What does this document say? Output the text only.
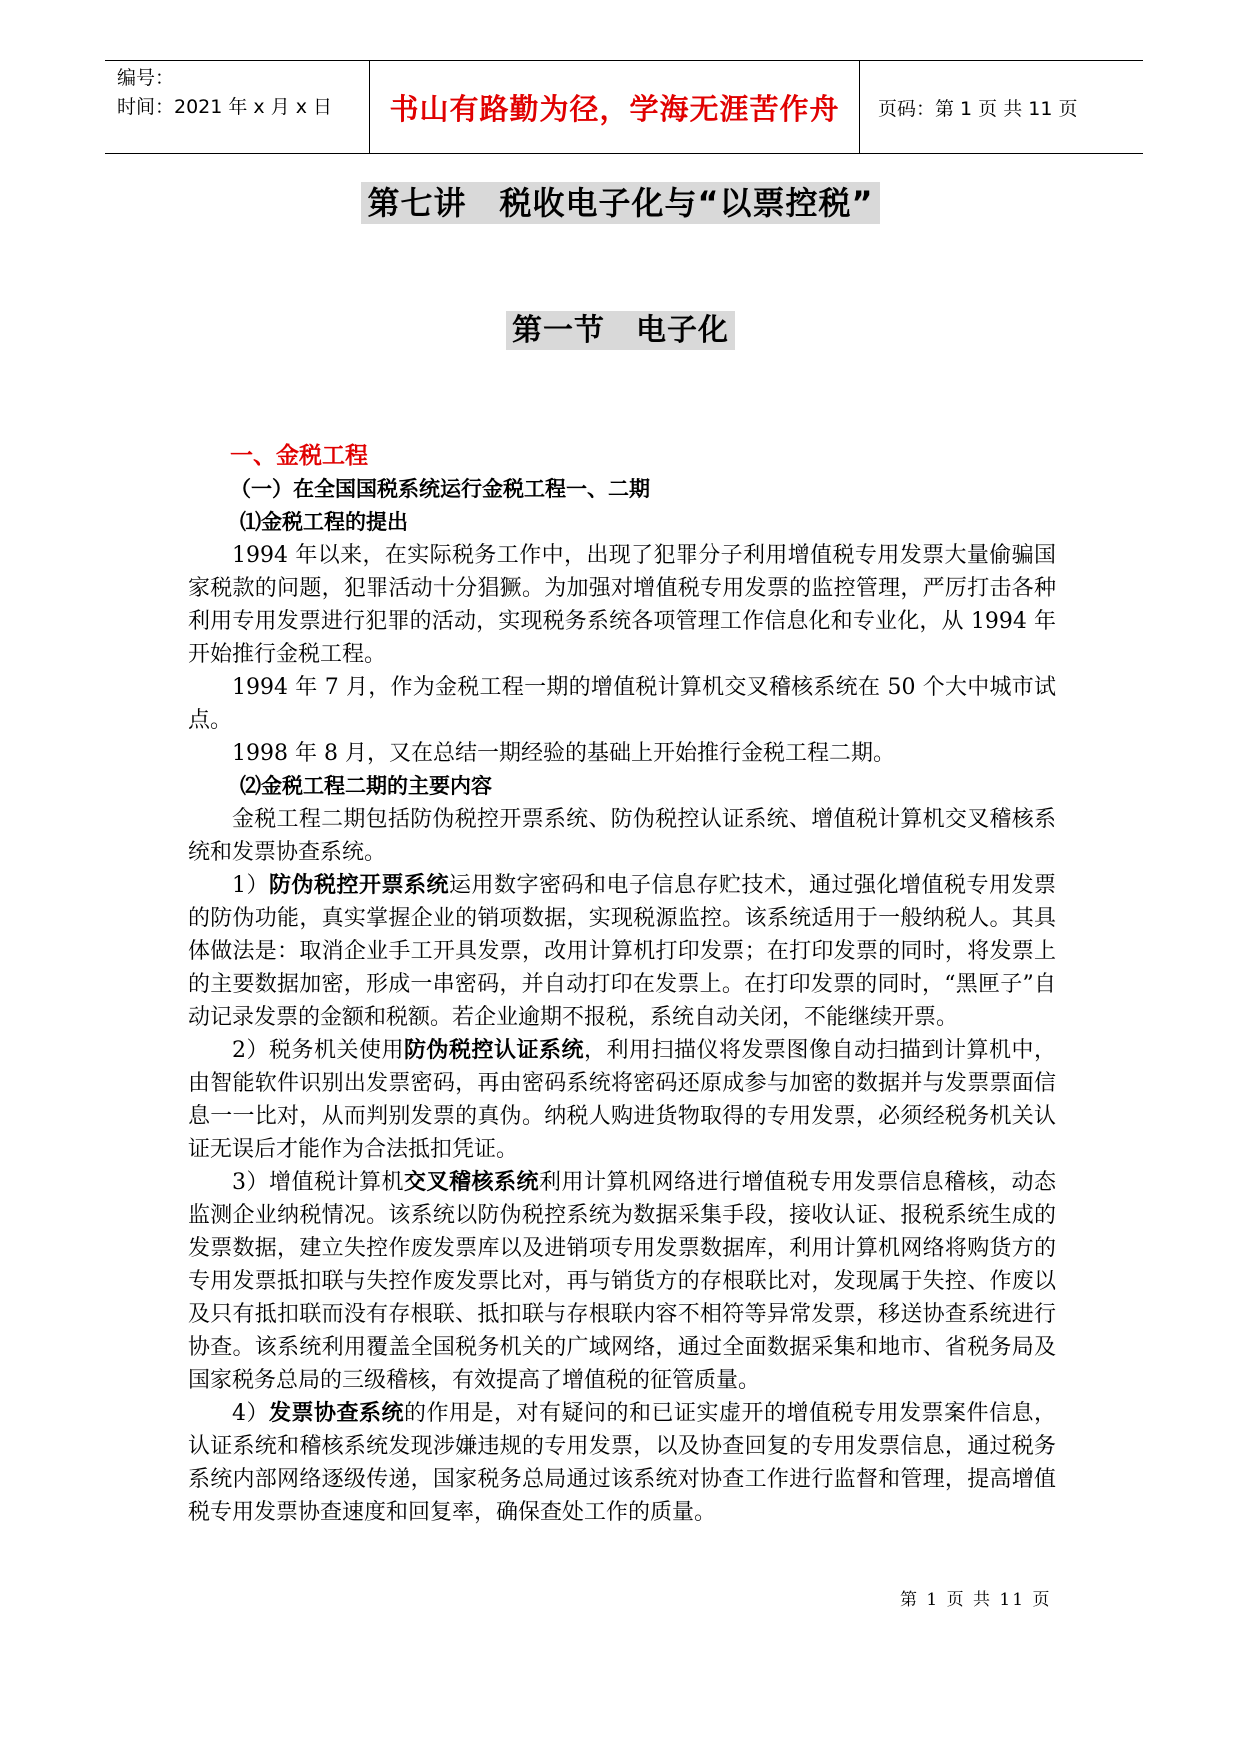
编号：
时间：2021 年 x 月 x 日	书山有路勤为径，学海无涯苦作舟	页码：第 1 页 共 11 页
第七讲　税收电子化与“以票控税”
第一节　电子化
一、金税工程
（一）在全国国税系统运行金税工程一、二期
⑴金税工程的提出

1994 年以来，在实际税务工作中，出现了犯罪分子利用增值税专用发票大量偷骗国家税款的问题，犯罪活动十分猖獗。为加强对增值税专用发票的监控管理，严厉打击各种利用专用发票进行犯罪的活动，实现税务系统各项管理工作信息化和专业化，从 1994 年开始推行金税工程。

1994 年 7 月，作为金税工程一期的增值税计算机交叉稽核系统在 50 个大中城市试点。

1998 年 8 月，又在总结一期经验的基础上开始推行金税工程二期。

⑵金税工程二期的主要内容

金税工程二期包括防伪税控开票系统、防伪税控认证系统、增值税计算机交叉稽核系统和发票协查系统。

1）防伪税控开票系统运用数字密码和电子信息存贮技术，通过强化增值税专用发票的防伪功能，真实掌握企业的销项数据，实现税源监控。该系统适用于一般纳税人。其具体做法是：取消企业手工开具发票，改用计算机打印发票；在打印发票的同时，将发票上的主要数据加密，形成一串密码，并自动打印在发票上。在打印发票的同时，“黑匣子”自动记录发票的金额和税额。若企业逾期不报税，系统自动关闭，不能继续开票。

2）税务机关使用防伪税控认证系统，利用扫描仪将发票图像自动扫描到计算机中，由智能软件识别出发票密码，再由密码系统将密码还原成参与加密的数据并与发票票面信息一一比对，从而判别发票的真伪。纳税人购进货物取得的专用发票，必须经税务机关认证无误后才能作为合法抵扣凭证。

3）增值税计算机交叉稽核系统利用计算机网络进行增值税专用发票信息稽核，动态监测企业纳税情况。该系统以防伪税控系统为数据采集手段，接收认证、报税系统生成的发票数据，建立失控作废发票库以及进销项专用发票数据库，利用计算机网络将购货方的专用发票抵扣联与失控作废发票比对，再与销货方的存根联比对，发现属于失控、作废以及只有抵扣联而没有存根联、抵扣联与存根联内容不相符等异常发票，移送协查系统进行协查。该系统利用覆盖全国税务机关的广域网络，通过全面数据采集和地市、省税务局及国家税务总局的三级稽核，有效提高了增值税的征管质量。

4）发票协查系统的作用是，对有疑问的和已证实虚开的增值税专用发票案件信息，认证系统和稽核系统发现涉嫌违规的专用发票，以及协查回复的专用发票信息，通过税务系统内部网络逐级传递，国家税务总局通过该系统对协查工作进行监督和管理，提高增值税专用发票协查速度和回复率，确保查处工作的质量。

第 1 页 共 11 页
